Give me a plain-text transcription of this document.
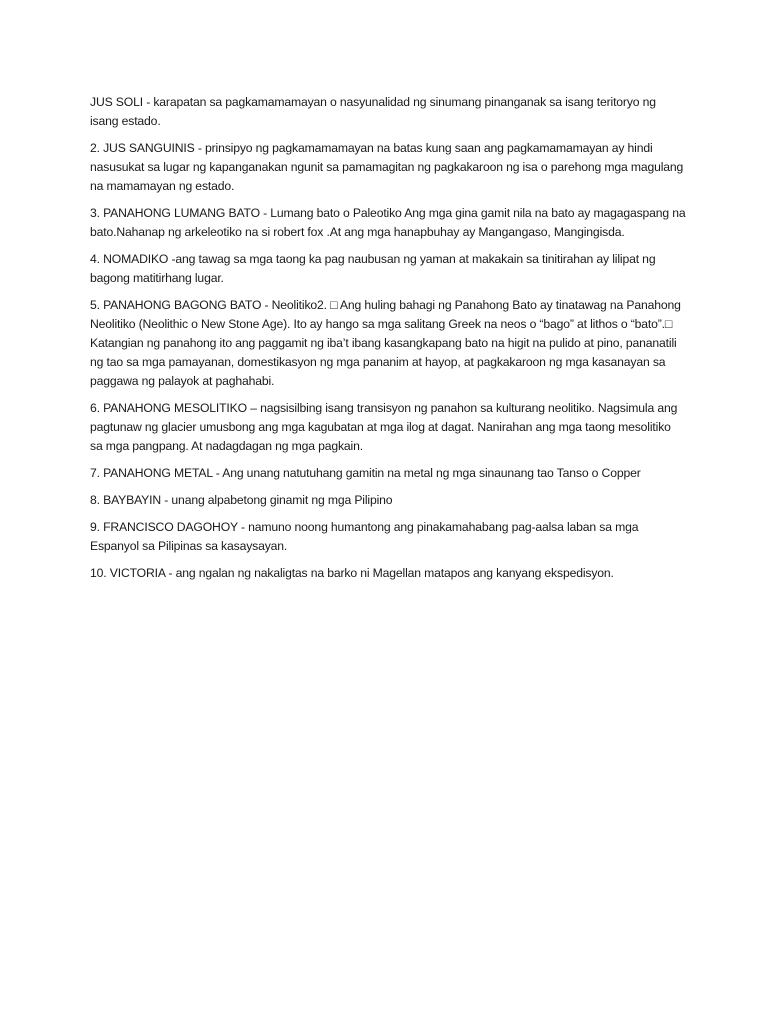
JUS SOLI - karapatan sa pagkamamamayan o nasyunalidad ng sinumang pinanganak sa isang teritoryo ng isang estado.

2. JUS SANGUINIS - prinsipyo ng pagkamamamayan na batas kung saan ang pagkamamamayan ay hindi nasusukat sa lugar ng kapanganakan ngunit sa pamamagitan ng pagkakaroon ng isa o parehong mga magulang na mamamayan ng estado.

3. PANAHONG LUMANG BATO - Lumang bato o Paleotiko Ang mga gina gamit nila na bato ay magagaspang na bato.Nahanap ng arkeleotiko na si robert fox .At ang mga hanapbuhay ay Mangangaso, Mangingisda.

4. NOMADIKO -ang tawag sa mga taong ka pag naubusan ng yaman at makakain sa tinitirahan ay lilipat ng bagong matitirhang lugar.

5. PANAHONG BAGONG BATO - Neolitiko2. □ Ang huling bahagi ng Panahong Bato ay tinatawag na Panahong Neolitiko (Neolithic o New Stone Age). Ito ay hango sa mga salitang Greek na neos o “bago” at lithos o “bato”.□ Katangian ng panahong ito ang paggamit ng iba’t ibang kasangkapang bato na higit na pulido at pino, pananatili ng tao sa mga pamayanan, domestikasyon ng mga pananim at hayop, at pagkakaroon ng mga kasanayan sa paggawa ng palayok at paghahabi.

6. PANAHONG MESOLITIKO – nagsisilbing isang transisyon ng panahon sa kulturang neolitiko. Nagsimula ang pagtunaw ng glacier umusbong ang mga kagubatan at mga ilog at dagat. Nanirahan ang mga taong mesolitiko sa mga pangpang. At nadagdagan ng mga pagkain.

7. PANAHONG METAL - Ang unang natutuhang gamitin na metal ng mga sinaunang tao Tanso o Copper

8. BAYBAYIN - unang alpabetong ginamit ng mga Pilipino

9. FRANCISCO DAGOHOY - namuno noong humantong ang pinakamahabang pag-aalsa laban sa mga Espanyol sa Pilipinas sa kasaysayan.

10. VICTORIA - ang ngalan ng nakaligtas na barko ni Magellan matapos ang kanyang ekspedisyon.
